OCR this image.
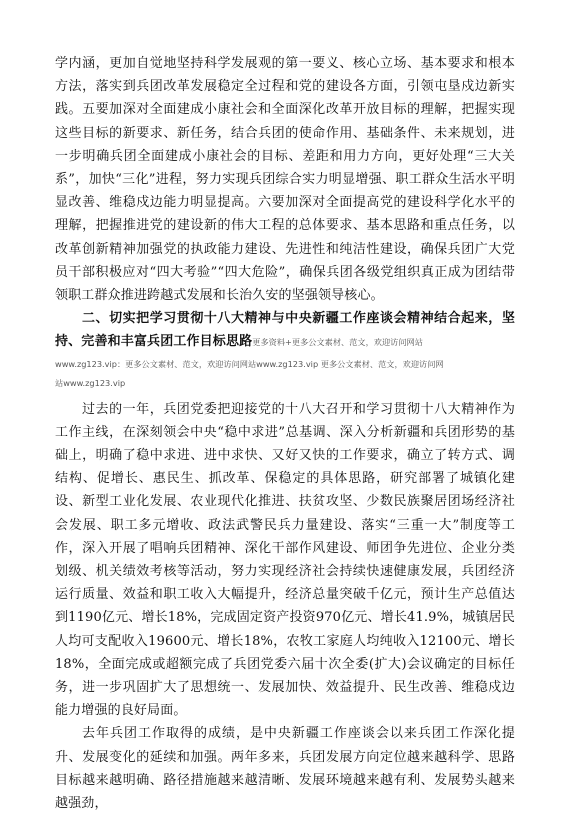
学内涵，更加自觉地坚持科学发展观的第一要义、核心立场、基本要求和根本方法，落实到兵团改革发展稳定全过程和党的建设各方面，引领屯垦戍边新实践。五要加深对全面建成小康社会和全面深化改革开放目标的理解，把握实现这些目标的新要求、新任务，结合兵团的使命作用、基础条件、未来规划，进一步明确兵团全面建成小康社会的目标、差距和用力方向，更好处理“三大关系”，加快“三化”进程，努力实现兵团综合实力明显增强、职工群众生活水平明显改善、维稳戍边能力明显提高。六要加深对全面提高党的建设科学化水平的理解，把握推进党的建设新的伟大工程的总体要求、基本思路和重点任务，以改革创新精神加强党的执政能力建设、先进性和纯洁性建设，确保兵团广大党员干部积极应对“四大考验”“四大危险”，确保兵团各级党组织真正成为团结带领职工群众推进跨越式发展和长治久安的坚强领导核心。

二、切实把学习贯彻十八大精神与中央新疆工作座谈会精神结合起来，坚持、完善和丰富兵团工作目标思路更多资料+更多公文素材、范文，欢迎访问网站

www.zg123.vip：更多公文素材、范文，欢迎访问网站www.zg123.vip 更多公文素材、范文，欢迎访问网

站www.zg123.vip

过去的一年，兵团党委把迎接党的十八大召开和学习贯彻十八大精神作为工作主线，在深刻领会中央“稳中求进”总基调、深入分析新疆和兵团形势的基础上，明确了稳中求进、进中求快、又好又快的工作要求，确立了转方式、调结构、促增长、惠民生、抓改革、保稳定的具体思路，研究部署了城镇化建设、新型工业化发展、农业现代化推进、扶贫攻坚、少数民族聚居团场经济社会发展、职工多元增收、政法武警民兵力量建设、落实“三重一大”制度等工作，深入开展了唱响兵团精神、深化干部作风建设、师团争先进位、企业分类划级、机关绩效考核等活动，努力实现经济社会持续快速健康发展，兵团经济运行质量、效益和职工收入大幅提升，经济总量突破千亿元，预计生产总值达到1190亿元、增长18%，完成固定资产投资970亿元、增长41.9%，城镇居民人均可支配收入19600元、增长18%，农牧工家庭人均纯收入12100元、增长18%，全面完成或超额完成了兵团党委六届十次全委(扩大)会议确定的目标任务，进一步巩固扩大了思想统一、发展加快、效益提升、民生改善、维稳戍边能力增强的良好局面。

去年兵团工作取得的成绩，是中央新疆工作座谈会以来兵团工作深化提升、发展变化的延续和加强。两年多来，兵团发展方向定位越来越科学、思路目标越来越明确、路径措施越来越清晰、发展环境越来越有利、发展势头越来越强劲，
